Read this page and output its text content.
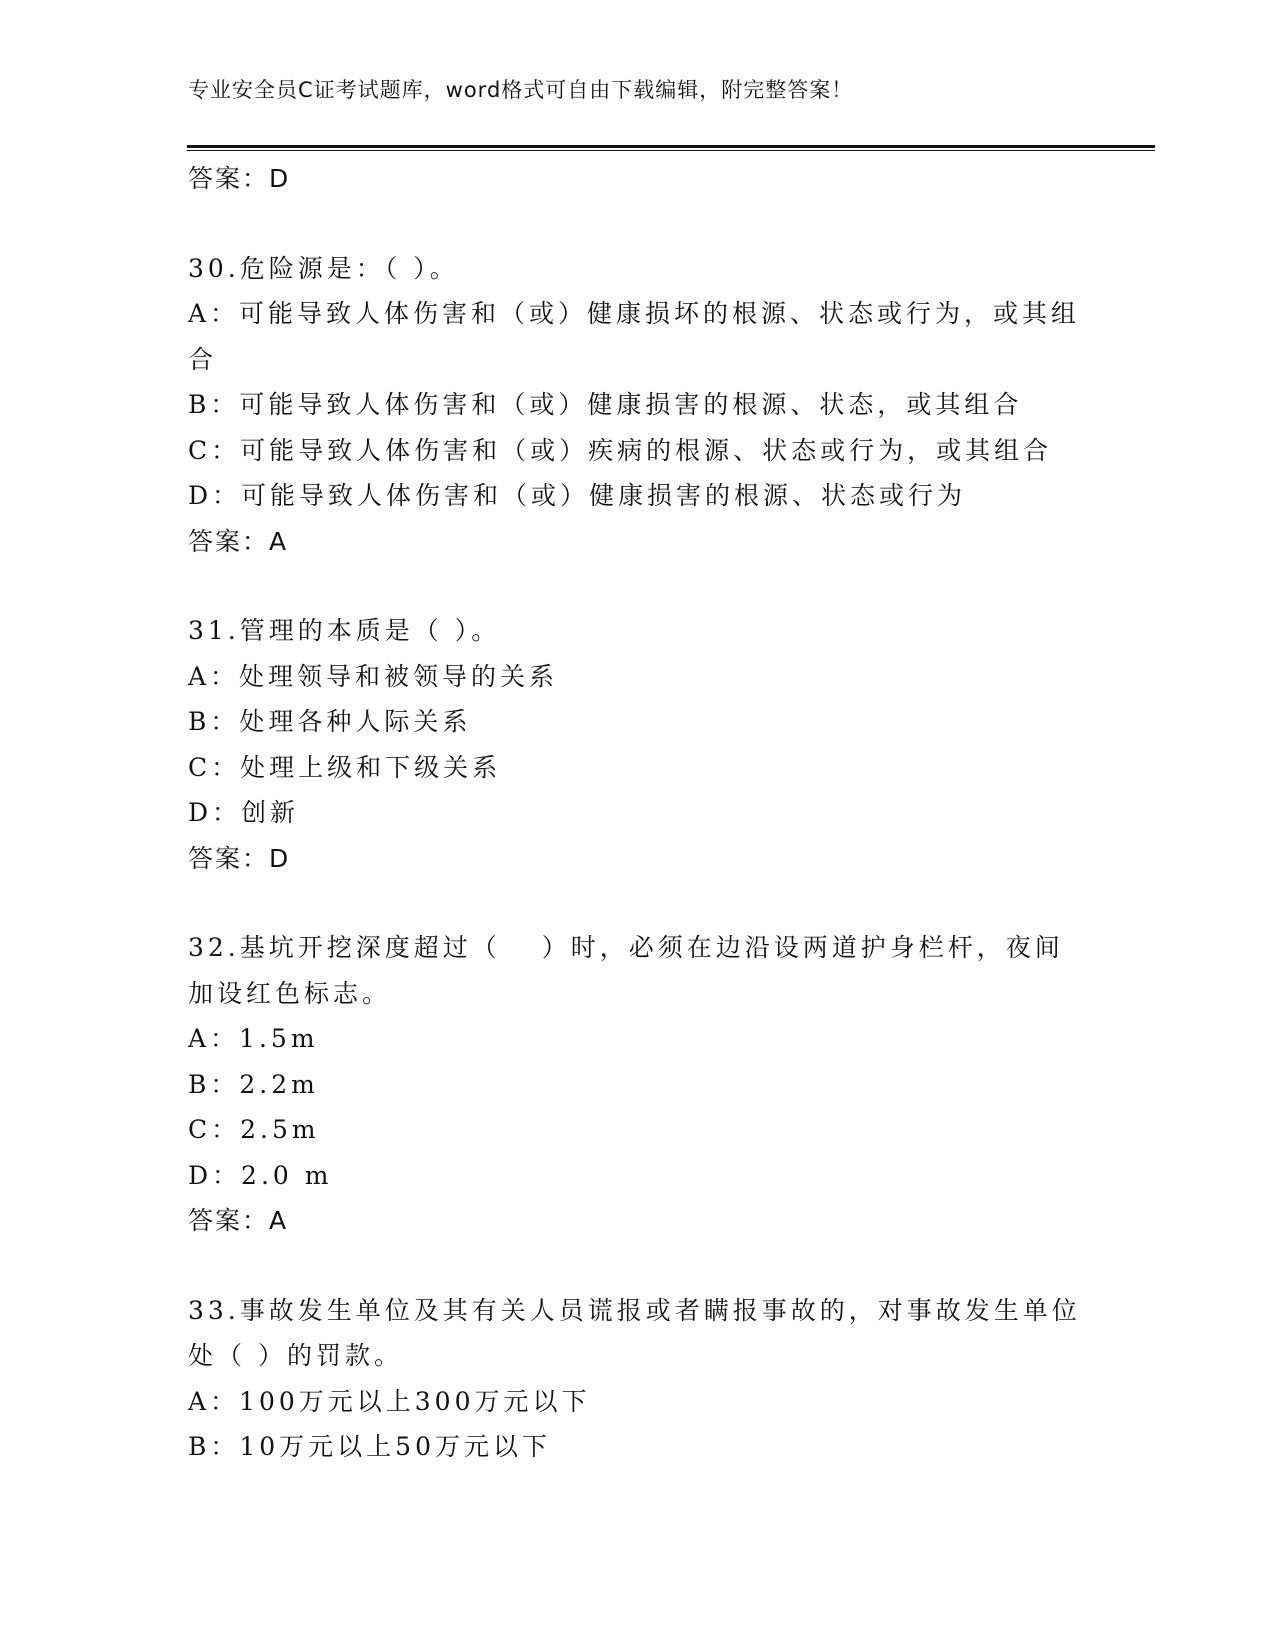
专业安全员C证考试题库，word格式可自由下载编辑，附完整答案！
答案：D
30.危险源是：（ ）。
A：可能导致人体伤害和（或）健康损坏的根源、状态或行为，或其组
合
B：可能导致人体伤害和（或）健康损害的根源、状态，或其组合
C：可能导致人体伤害和（或）疾病的根源、状态或行为，或其组合
D：可能导致人体伤害和（或）健康损害的根源、状态或行为
答案：A
31.管理的本质是（ ）。
A：处理领导和被领导的关系
B：处理各种人际关系
C：处理上级和下级关系
D：创新
答案：D
32.基坑开挖深度超过（　 ）时，必须在边沿设两道护身栏杆，夜间
加设红色标志。
A：1.5m
B：2.2m
C：2.5m
D：2.0 m
答案：A
33.事故发生单位及其有关人员谎报或者瞒报事故的，对事故发生单位
处（ ）的罚款。
A：100万元以上300万元以下
B：10万元以上50万元以下
